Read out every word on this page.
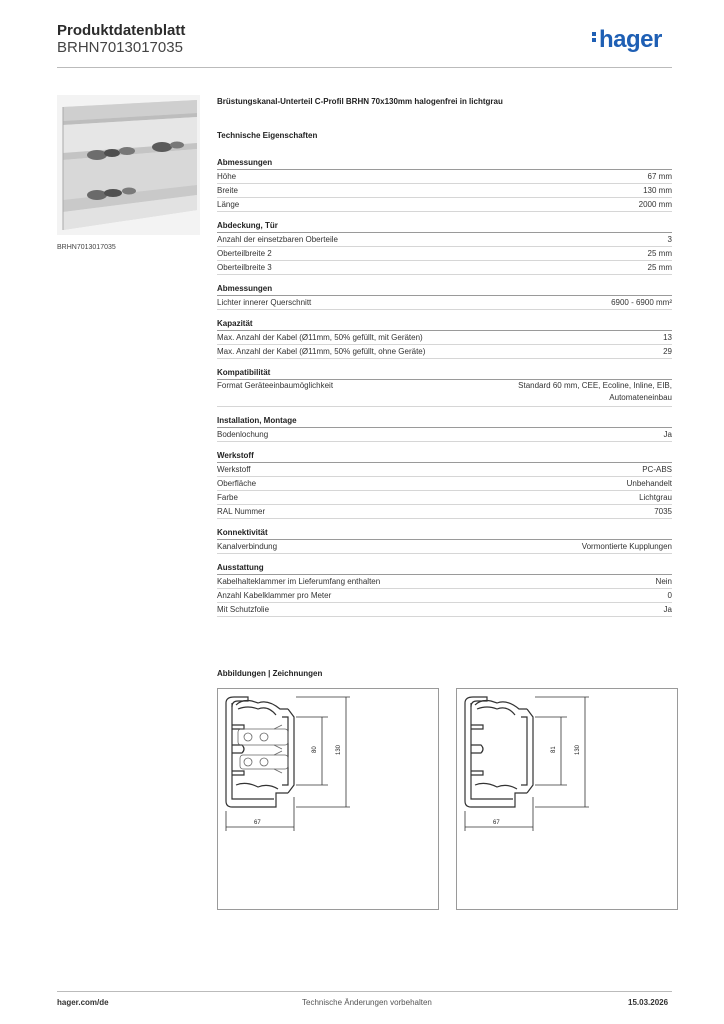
Produktdatenblatt
BRHN7013017035	hager
BRHN7013017035
Brüstungskanal-Unterteil C-Profil BRHN 70x130mm halogenfrei in lichtgrau
Technische Eigenschaften
Abmessungen
Höhe	67 mm
Breite	130 mm
Länge	2000 mm
Abdeckung, Tür
Anzahl der einsetzbaren Oberteile	3
Oberteilbreite 2	25 mm
Oberteilbreite 3	25 mm
Abmessungen
Lichter innerer Querschnitt	6900 - 6900 mm²
Kapazität
Max. Anzahl der Kabel (Ø11mm, 50% gefüllt, mit Geräten)	13
Max. Anzahl der Kabel (Ø11mm, 50% gefüllt, ohne Geräte)	29
Kompatibilität
Format Geräteeinbaumöglichkeit	Standard 60 mm, CEE, Ecoline, Inline, EIB, Automateneinbau
Installation, Montage
Bodenlochung	Ja
Werkstoff
Werkstoff	PC-ABS
Oberfläche	Unbehandelt
Farbe	Lichtgrau
RAL Nummer	7035
Konnektivität
Kanalverbindung	Vormontierte Kupplungen
Ausstattung
Kabelhalteklammer im Lieferumfang enthalten	Nein
Anzahl Kabelklammer pro Meter	0
Mit Schutzfolie	Ja
Abbildungen | Zeichnungen
80	130
67
81	130
67
hager.com/de	Technische Änderungen vorbehalten	15.03.2026
